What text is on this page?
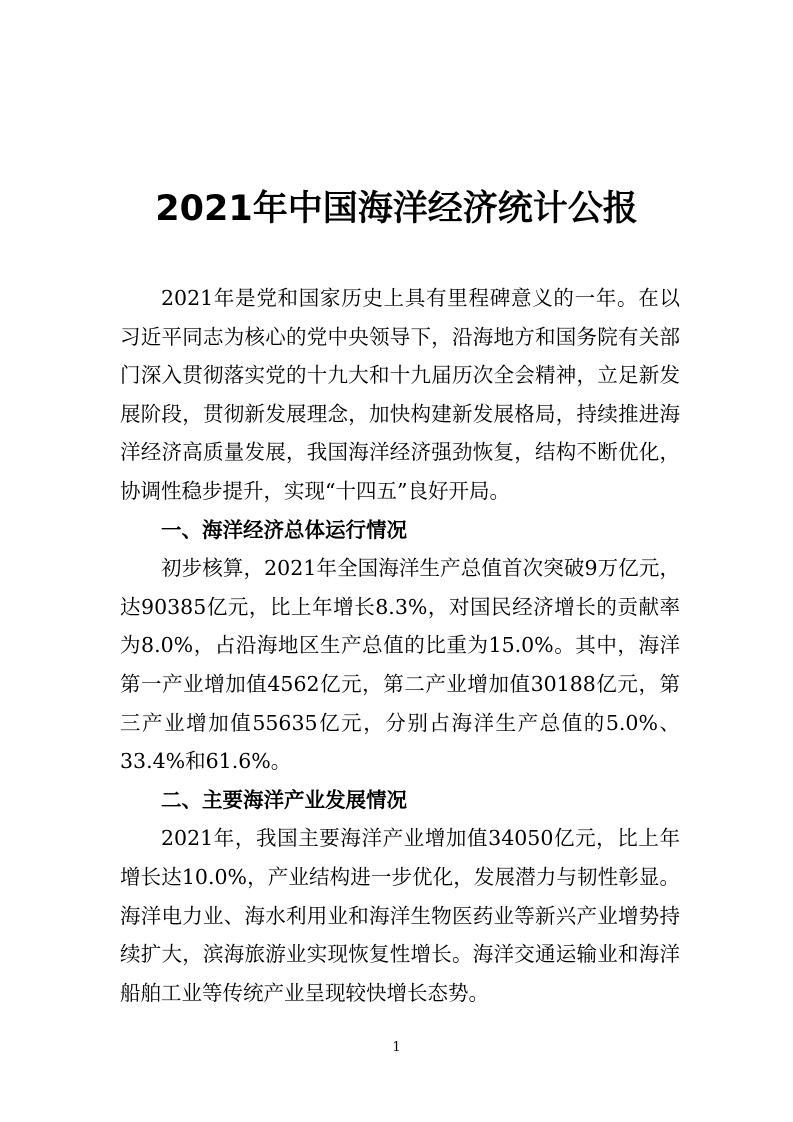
2021年中国海洋经济统计公报

2021年是党和国家历史上具有里程碑意义的一年。在以习近平同志为核心的党中央领导下，沿海地方和国务院有关部门深入贯彻落实党的十九大和十九届历次全会精神，立足新发展阶段，贯彻新发展理念，加快构建新发展格局，持续推进海洋经济高质量发展，我国海洋经济强劲恢复，结构不断优化，协调性稳步提升，实现“十四五”良好开局。

一、海洋经济总体运行情况

初步核算，2021年全国海洋生产总值首次突破9万亿元，达90385亿元，比上年增长8.3%，对国民经济增长的贡献率为8.0%，占沿海地区生产总值的比重为15.0%。其中，海洋第一产业增加值4562亿元，第二产业增加值30188亿元，第三产业增加值55635亿元，分别占海洋生产总值的5.0%、33.4%和61.6%。

二、主要海洋产业发展情况

2021年，我国主要海洋产业增加值34050亿元，比上年增长达10.0%，产业结构进一步优化，发展潜力与韧性彰显。海洋电力业、海水利用业和海洋生物医药业等新兴产业增势持续扩大，滨海旅游业实现恢复性增长。海洋交通运输业和海洋船舶工业等传统产业呈现较快增长态势。

1
